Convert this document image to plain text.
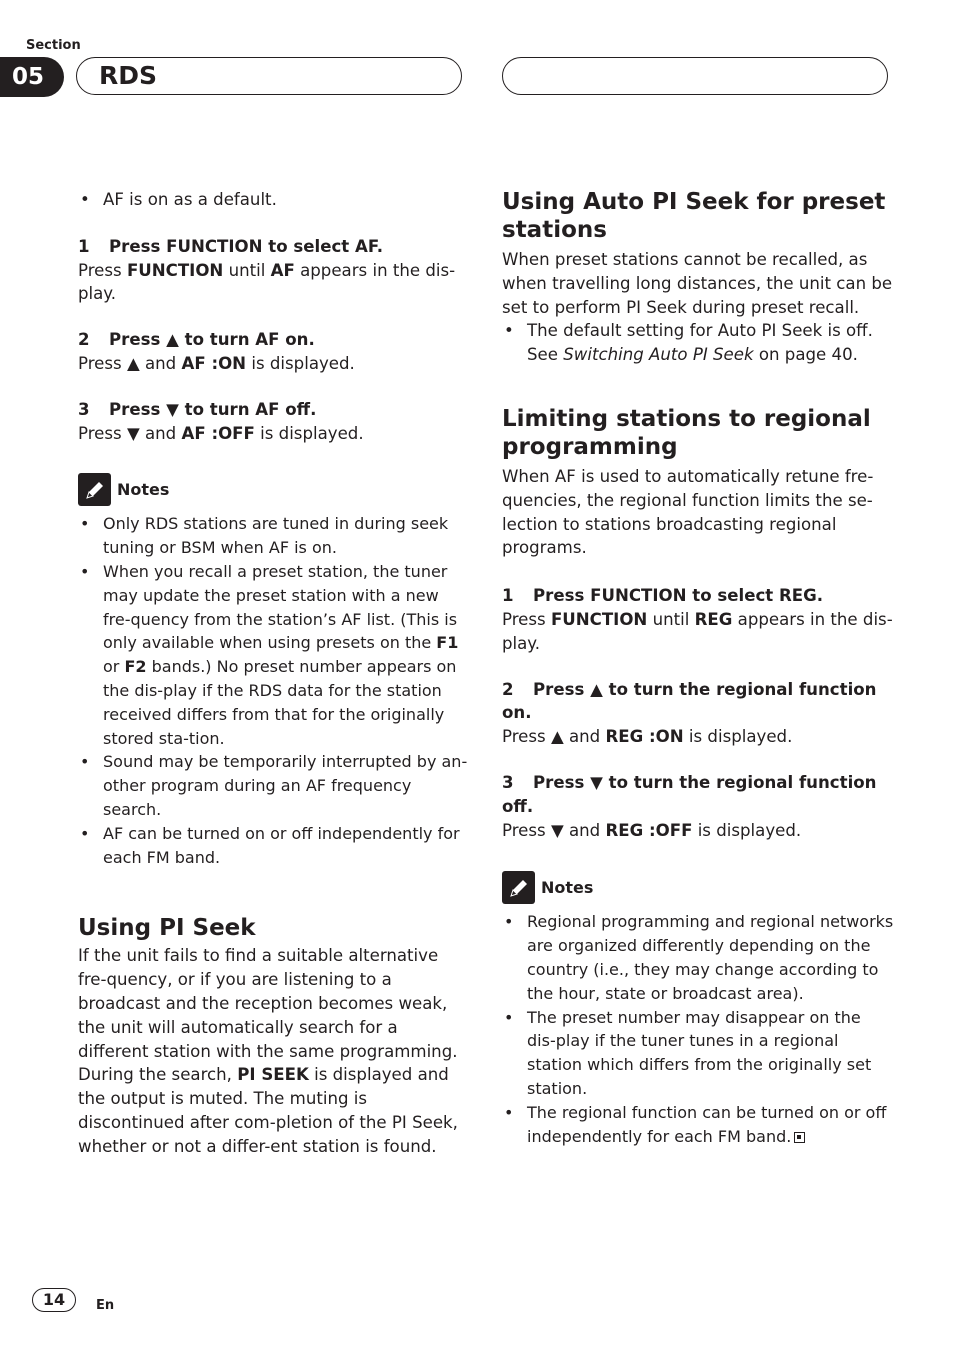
Section
05	RDS

• AF is on as a default.

1 Press FUNCTION to select AF.

Press FUNCTION until AF appears in the dis-play.

2 Press ▲ to turn AF on.

Press ▲ and AF :ON is displayed.

3 Press ▼ to turn AF off.

Press ▼ and AF :OFF is displayed.

Notes

• Only RDS stations are tuned in during seek tuning or BSM when AF is on.

• When you recall a preset station, the tuner may update the preset station with a new fre-quency from the station’s AF list. (This is only available when using presets on the F1 or F2 bands.) No preset number appears on the dis-play if the RDS data for the station received differs from that for the originally stored sta-tion.

• Sound may be temporarily interrupted by an-other program during an AF frequency search.

• AF can be turned on or off independently for each FM band.

Using PI Seek

If the unit fails to find a suitable alternative fre-quency, or if you are listening to a broadcast and the reception becomes weak, the unit will automatically search for a different station with the same programming. During the search, PI SEEK is displayed and the output is muted. The muting is discontinued after com-pletion of the PI Seek, whether or not a differ-ent station is found.

Using Auto PI Seek for preset stations

When preset stations cannot be recalled, as when travelling long distances, the unit can be set to perform PI Seek during preset recall.

• The default setting for Auto PI Seek is off. See Switching Auto PI Seek on page 40.

Limiting stations to regional programming

When AF is used to automatically retune fre-quencies, the regional function limits the se-lection to stations broadcasting regional programs.

1 Press FUNCTION to select REG.

Press FUNCTION until REG appears in the dis-play.

2 Press ▲ to turn the regional function on.

Press ▲ and REG :ON is displayed.

3 Press ▼ to turn the regional function off.

Press ▼ and REG :OFF is displayed.

Notes

• Regional programming and regional networks are organized differently depending on the country (i.e., they may change according to the hour, state or broadcast area).

• The preset number may disappear on the dis-play if the tuner tunes in a regional station which differs from the originally set station.

• The regional function can be turned on or off independently for each FM band.

14	En
